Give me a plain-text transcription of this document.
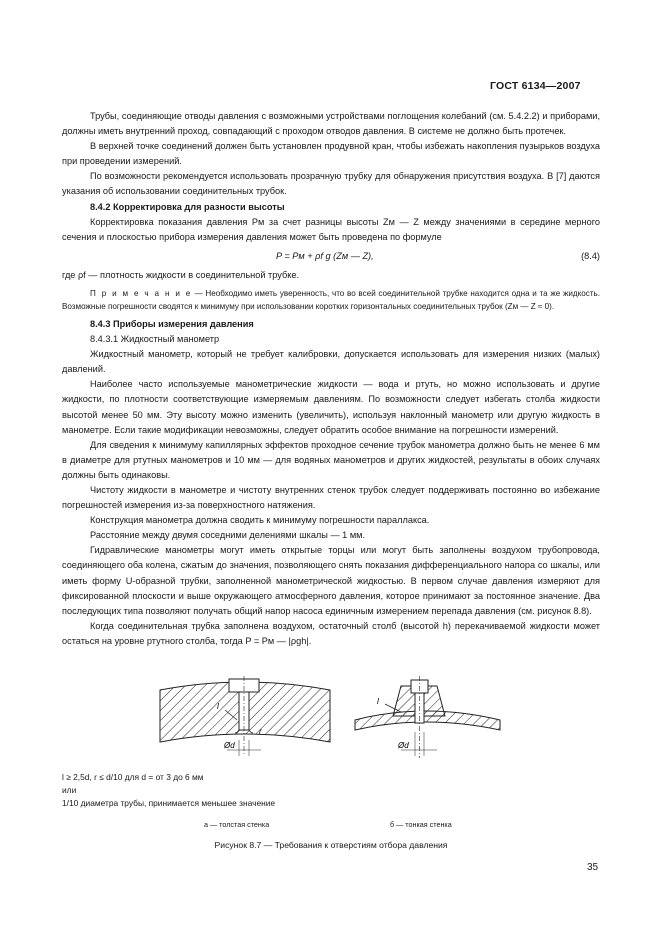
ГОСТ 6134—2007

Трубы, соединяющие отводы давления с возможными устройствами поглощения колебаний (см. 5.4.2.2) и приборами, должны иметь внутренний проход, совпадающий с проходом отводов давления. В системе не должно быть протечек.

В верхней точке соединений должен быть установлен продувной кран, чтобы избежать накопления пузырьков воздуха при проведении измерений.

По возможности рекомендуется использовать прозрачную трубку для обнаружения присутствия воздуха. В [7] даются указания об использовании соединительных трубок.

8.4.2 Корректировка для разности высоты

Корректировка показания давления Pм за счет разницы высоты Zм — Z между значениями в середине мерного сечения и плоскостью прибора измерения давления может быть проведена по формуле

P = Pм + ρf g (Zм — Z),	(8.4)

где ρf — плотность жидкости в соединительной трубке.

П р и м е ч а н и е — Необходимо иметь уверенность, что во всей соединительной трубке находится одна и та же жидкость. Возможные погрешности сводятся к минимуму при использовании коротких горизонтальных соединительных трубок (Zм — Z ≈ 0).

8.4.3 Приборы измерения давления

8.4.3.1 Жидкостный манометр

Жидкостный манометр, который не требует калибровки, допускается использовать для измерения низких (малых) давлений.

Наиболее часто используемые манометрические жидкости — вода и ртуть, но можно использовать и другие жидкости, по плотности соответствующие измеряемым давлениям. По возможности следует избегать столба жидкости высотой менее 50 мм. Эту высоту можно изменить (увеличить), используя наклонный манометр или другую жидкость в манометре. Если такие модификации невозможны, следует обратить особое внимание на погрешности измерений.

Для сведения к минимуму капиллярных эффектов проходное сечение трубок манометра должно быть не менее 6 мм в диаметре для ртутных манометров и 10 мм — для водяных манометров и других жидкостей, результаты в обоих случаях должны быть одинаковы.

Чистоту жидкости в манометре и чистоту внутренних стенок трубок следует поддерживать постоянно во избежание погрешностей измерения из-за поверхностного натяжения.

Конструкция манометра должна сводить к минимуму погрешности параллакса.

Расстояние между двумя соседними делениями шкалы — 1 мм.

Гидравлические манометры могут иметь открытые торцы или могут быть заполнены воздухом трубопровода, соединяющего оба колена, сжатым до значения, позволяющего снять показания дифференциального напора со шкалы, или иметь форму U-образной трубки, заполненной манометрической жидкостью. В первом случае давления измеряют для фиксированной плоскости и выше окружающего атмосферного давления, которое принимают за постоянное значение. Два последующих типа позволяют получать общий напор насоса единичным измерением перепада давления (см. рисунок 8.8).

Когда соединительная трубка заполнена воздухом, остаточный столб (высотой h) перекачиваемой жидкости может остаться на уровне ртутного столба, тогда P = Pм — |ρgh|.

l
r
Ød
l
Ød
l ≥ 2,5d, r ≤ d/10 для d = от 3 до 6 мм
или
1/10 диаметра трубы, принимается меньшее значение
а — толстая стенка	б — тонкая стенка
Рисунок 8.7 — Требования к отверстиям отбора давления
35
